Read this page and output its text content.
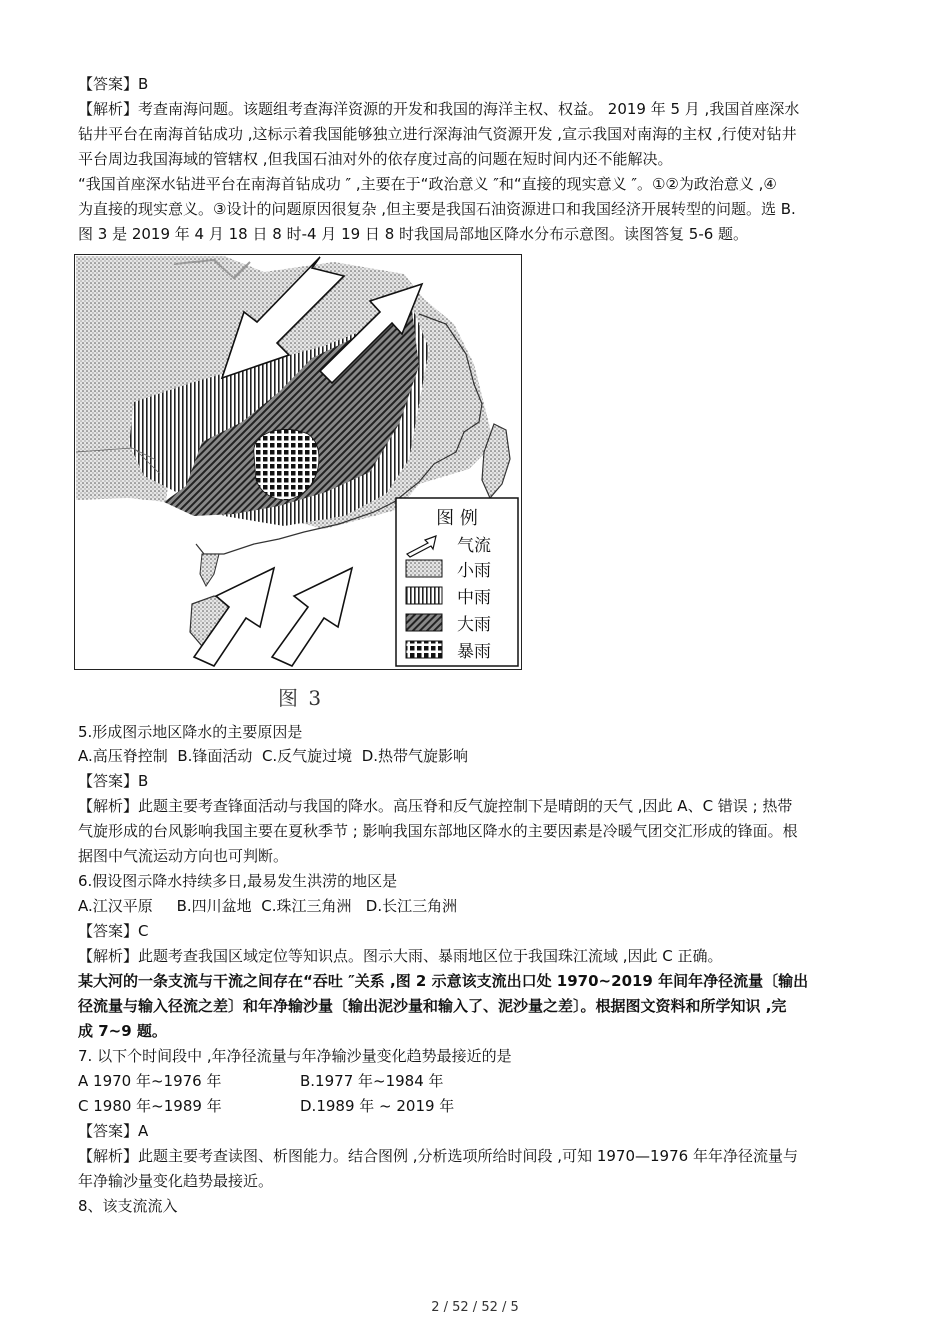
【答案】B
【解析】考查南海问题。该题组考查海洋资源的开发和我国的海洋主权、权益。 2019 年 5 月 ,我国首座深水
钻井平台在南海首钻成功 ,这标示着我国能够独立进行深海油气资源开发 ,宣示我国对南海的主权 ,行使对钻井
平台周边我国海域的管辖权 ,但我国石油对外的依存度过高的问题在短时间内还不能解决。
“我国首座深水钻进平台在南海首钻成功 ″ ,主要在于“政治意义 ″和“直接的现实意义 ″。①②为政治意义 ,④
为直接的现实意义。③设计的问题原因很复杂 ,但主要是我国石油资源进口和我国经济开展转型的问题。选 B.
图 3 是 2019 年 4 月 18 日 8 时-4 月 19 日 8 时我国局部地区降水分布示意图。读图答复 5-6 题。
图 例
气流
小雨
中雨
大雨
暴雨
图 3
5.形成图示地区降水的主要原因是
A.高压脊控制 B.锋面活动 C.反气旋过境 D.热带气旋影响
【答案】B
【解析】此题主要考查锋面活动与我国的降水。高压脊和反气旋控制下是晴朗的天气 ,因此 A、C 错误 ; 热带
气旋形成的台风影响我国主要在夏秋季节 ; 影响我国东部地区降水的主要因素是冷暖气团交汇形成的锋面。根
据图中气流运动方向也可判断。
6.假设图示降水持续多日,最易发生洪涝的地区是
A.江汉平原 B.四川盆地 C.珠江三角洲 D.长江三角洲
【答案】C
【解析】此题考查我国区域定位等知识点。图示大雨、暴雨地区位于我国珠江流域 ,因此 C 正确。
某大河的一条支流与干流之间存在“吞吐 ″关系 ,图 2 示意该支流出口处 1970~2019 年间年净径流量〔输出
径流量与输入径流之差〕和年净输沙量〔输出泥沙量和输入了、泥沙量之差〕。根据图文资料和所学知识 ,完
成 7~9 题。
7. 以下个时间段中 ,年净径流量与年净输沙量变化趋势最接近的是
A 1970 年~1976 年	B.1977 年~1984 年
C 1980 年~1989 年	D.1989 年 ~ 2019 年
【答案】A
【解析】此题主要考查读图、析图能力。结合图例 ,分析选项所给时间段 ,可知 1970—1976 年年净径流量与
年净输沙量变化趋势最接近。
8、该支流流入
2 / 52 / 52 / 5
